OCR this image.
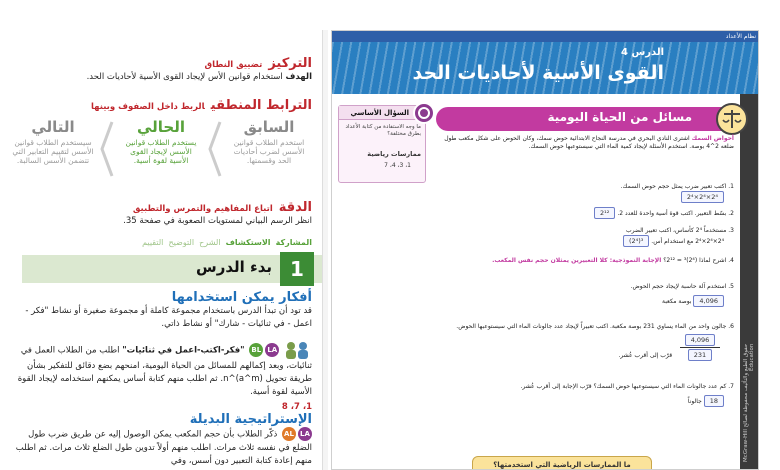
التركيزتضييق النطاق
الهدف استخدام قوانين الأس لإيجاد القوى الأسية لأحاديات الحد.
الترابط المنطقيالربط داخل الصفوف وبينها
السابق
استخدم الطلاب قوانين الأسس لضرب أحاديات الحد وقسمتها.
الحالي
يستخدم الطلاب قوانين الأسس لإيجاد القوى الأسية لقوة أسية.
التالي
سيستخدم الطلاب قوانين الأسس لتقييم التعابير التي تتضمن الأسس السالبة.
الدقةاتباع المفاهيم والتمرس والتطبيق
انظر الرسم البياني لمستويات الصعوبة في صفحة 35.
المشاركة  الاستكشاف  الشرح  التوضيح  التقييم
1
بدء الدرس
أفكار يمكن استخدامها
قد تود أن تبدأ الدرس باستخدام مجموعة كاملة أو مجموعة صغيرة أو نشاط "فكر - اعمل - في ثنائيات - شارك" أو نشاط ذاتي.
LABL "فكر-اكتب-اعمل في ثنائيات" اطلب من الطلاب العمل في ثنائيات، وبعد إكمالهم للمسائل من الحياة اليومية، امنحهم بضع دقائق للتفكير بشأن طريقة تحويل (a^m)^n. ثم اطلب منهم كتابة أساس يمكنهم استخدامه لإيجاد القوة الأسية لقوة أسية.
1، 7، 8
الإستراتيجية البديلة
LAAL ذكّر الطلاب بأن حجم المكعب يمكن الوصول إليه عن طريق ضرب طول الضلع في نفسه ثلاث مرات. اطلب منهم أولاً تدوين طول الضلع ثلاث مرات. ثم اطلب منهم إعادة كتابة التعبير دون أسس، وفي
نظام الأعداد
الدرس 4
القوى الأسية لأحاديات الحد
حقوق الطبع والتأليف محفوظة لصالح McGraw-Hill Education
السؤال الأساسي
ما وجه الاستفادة من كتابة الأعداد بطرق مختلفة؟
ممارسات رياضية
1، 3، 4، 7
مسائل من الحياة اليومية
أحواض السمك اشترى النادي البحري في مدرسة النجاح الابتدائية حوض سمك، وكان الحوض على شكل مكعب طول ضلعه 2^4 بوصة. استخدم الأسئلة لإيجاد كمية الماء التي سيستوعبها حوض السمك.
1. اكتب تعبير ضرب يمثل حجم حوض السمك.
2⁴×2⁴×2⁴
2. بسّط التعبير. اكتب قوة أسية واحدة للعدد 2. 2¹²
3. مستخدماً 2⁴ كأساس، اكتب تعبير الضرب
2⁴×2⁴×2⁴ مع استخدام أس. (2⁴)³
4. اشرح لماذا (2⁴)³ = 2¹²؟ الإجابة النموذجية: كلا التعبيرين يمثلان حجم نفس المكعب.
5. استخدم آلة حاسبة لإيجاد حجم الحوض.
4,096 بوصة مكعبة
6. جالون واحد من الماء يساوي 231 بوصة مكعبة. اكتب تعبيراً لإيجاد عدد جالونات الماء التي سيستوعبها الحوض.
$\frac{4,096}{231}$
قرّب إلى أقرب عُشر.
7. كم عدد جالونات الماء التي سيستوعبها حوض السمك؟ قرّب الإجابة إلى أقرب عُشر.
18 جالوناً
ما الممارسات الرياضية التي استخدمتها؟
